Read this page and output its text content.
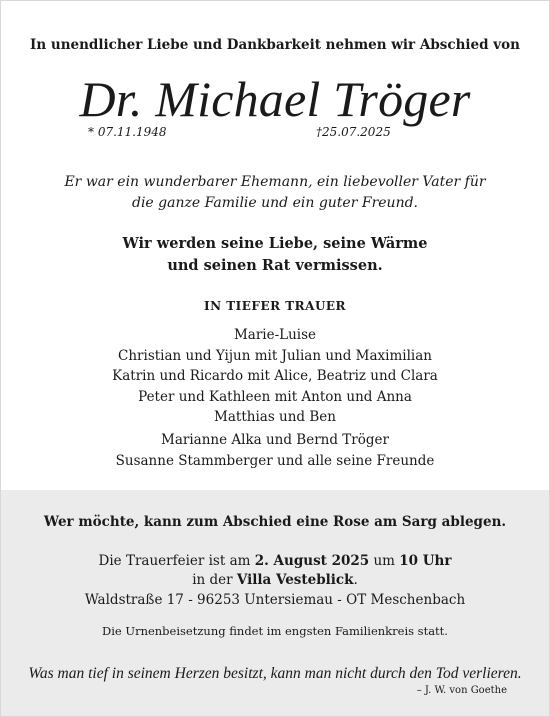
In unendlicher Liebe und Dankbarkeit nehmen wir Abschied von
Dr. Michael Tröger
* 07.11.1948	†25.07.2025
Er war ein wunderbarer Ehemann, ein liebevoller Vater für
die ganze Familie und ein guter Freund.
Wir werden seine Liebe, seine Wärme
und seinen Rat vermissen.
IN TIEFER TRAUER
Marie-Luise
Christian und Yijun mit Julian und Maximilian
Katrin und Ricardo mit Alice, Beatriz und Clara
Peter und Kathleen mit Anton und Anna
Matthias und Ben
Marianne Alka und Bernd Tröger
Susanne Stammberger und alle seine Freunde
Wer möchte, kann zum Abschied eine Rose am Sarg ablegen.
Die Trauerfeier ist am 2. August 2025 um 10 Uhr
in der Villa Vesteblick.
Waldstraße 17 - 96253 Untersiemau - OT Meschenbach
Die Urnenbeisetzung findet im engsten Familienkreis statt.
Was man tief in seinem Herzen besitzt, kann man nicht durch den Tod verlieren.
– J. W. von Goethe
